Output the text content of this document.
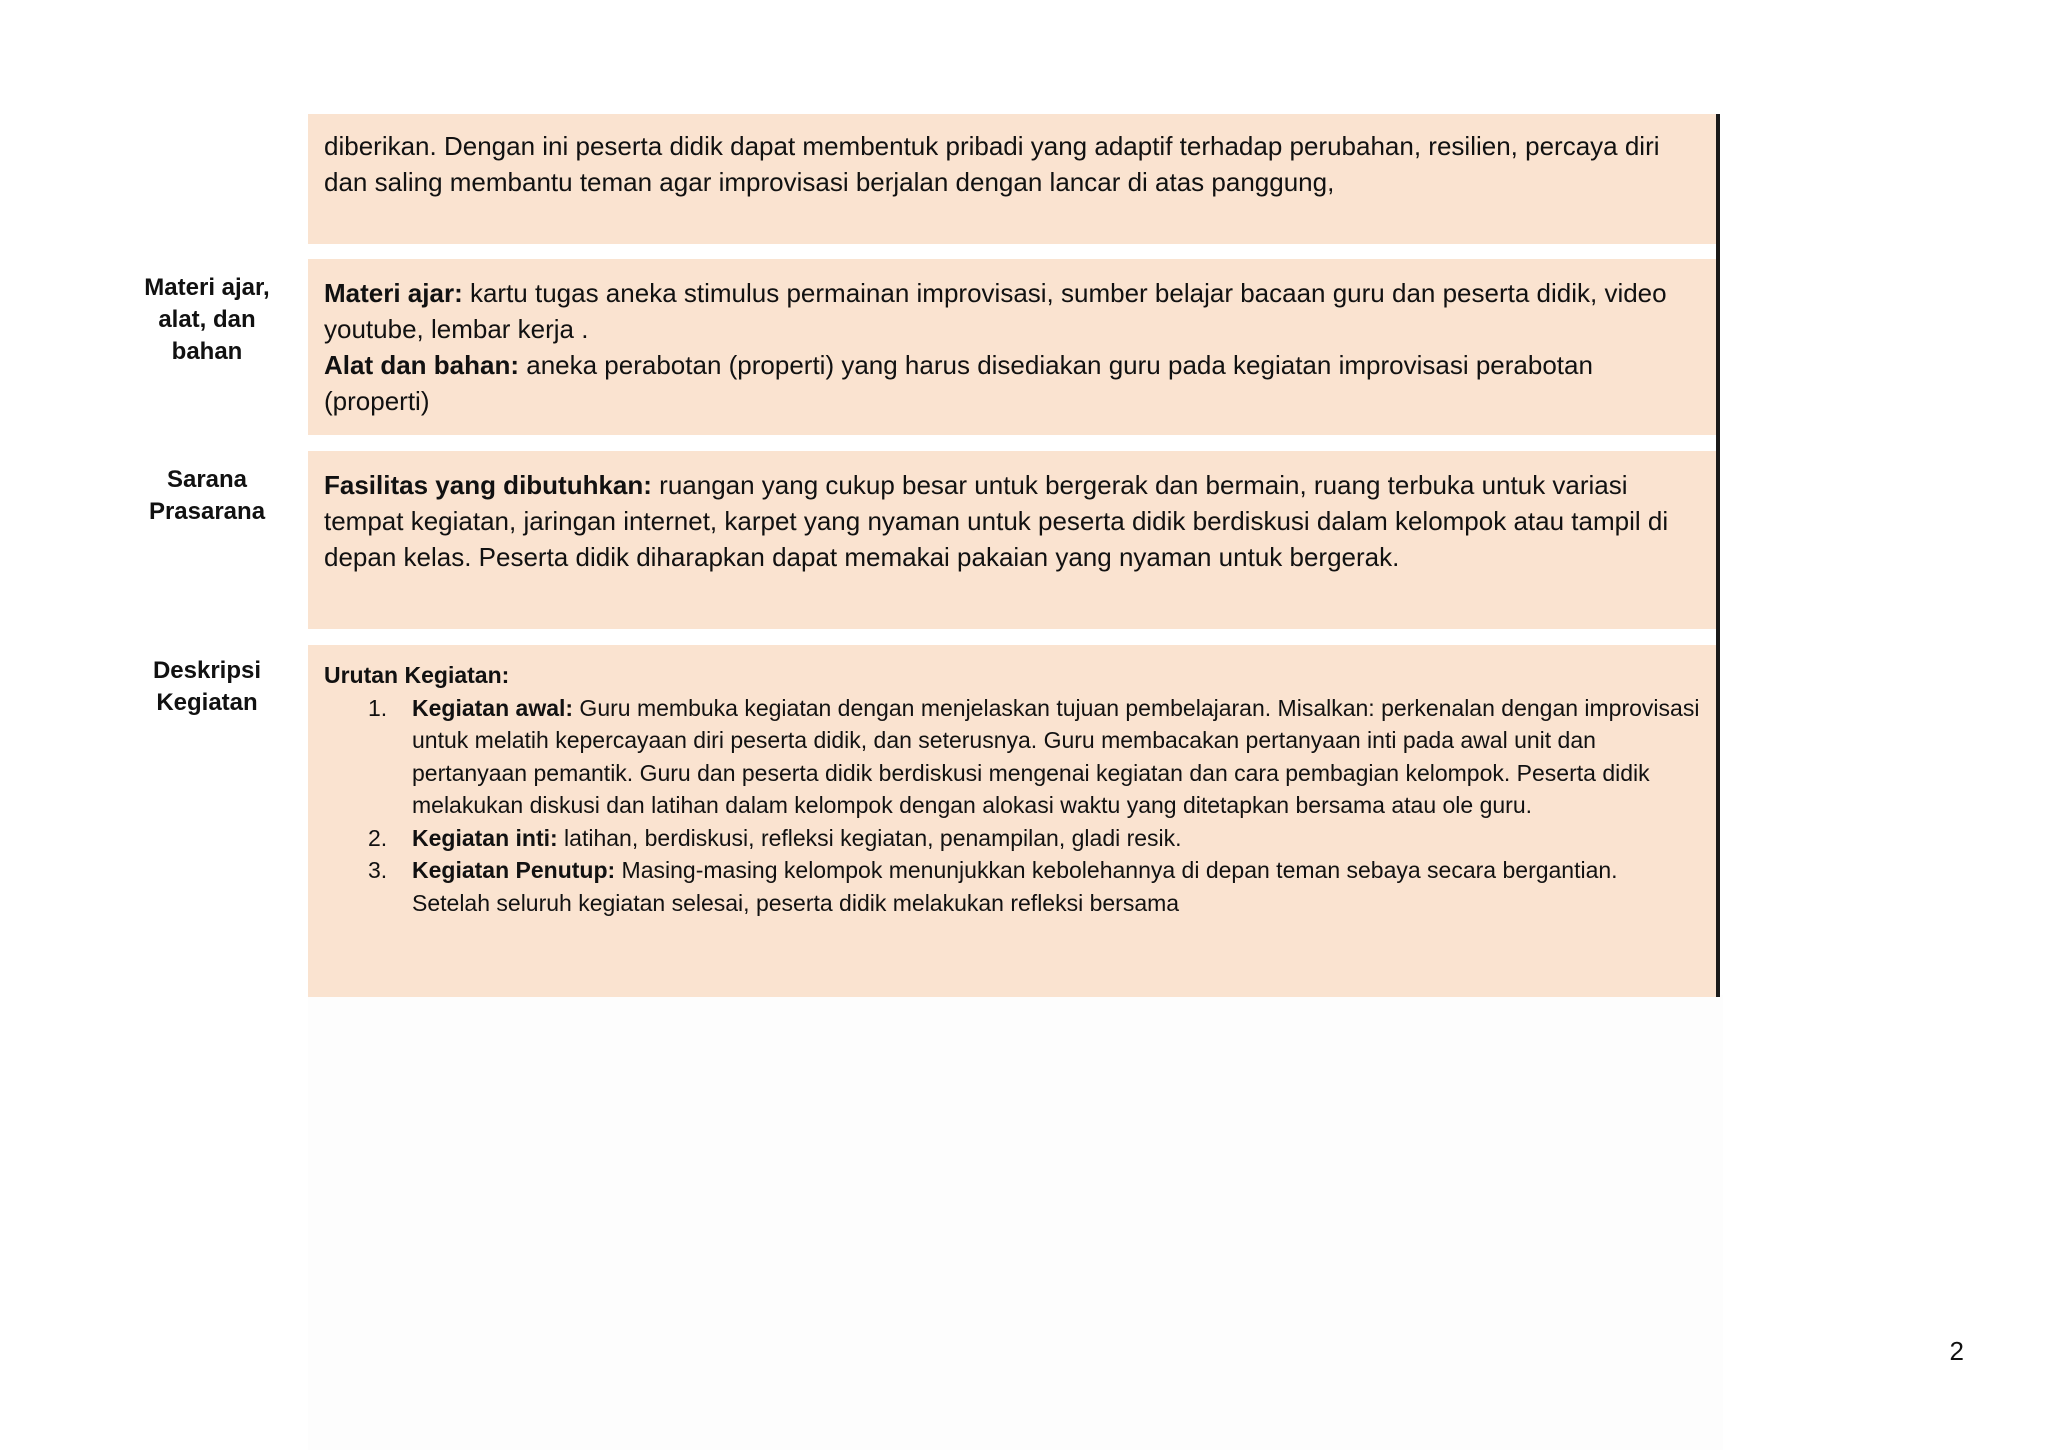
diberikan. Dengan ini peserta didik dapat membentuk pribadi yang adaptif terhadap perubahan, resilien, percaya diri dan saling membantu teman agar improvisasi berjalan dengan lancar di atas panggung,

Materi ajar,
alat, dan
bahan

Materi ajar: kartu tugas aneka stimulus permainan improvisasi, sumber belajar bacaan guru dan peserta didik, video youtube, lembar kerja .

Alat dan bahan: aneka perabotan (properti) yang harus disediakan guru pada kegiatan improvisasi perabotan (properti)

Sarana
Prasarana

Fasilitas yang dibutuhkan: ruangan yang cukup besar untuk bergerak dan bermain, ruang terbuka untuk variasi tempat kegiatan, jaringan internet, karpet yang nyaman untuk peserta didik berdiskusi dalam kelompok atau tampil di depan kelas. Peserta didik diharapkan dapat memakai pakaian yang nyaman untuk bergerak.

Deskripsi
Kegiatan

Urutan Kegiatan:

1. Kegiatan awal: Guru membuka kegiatan dengan menjelaskan tujuan pembelajaran. Misalkan: perkenalan dengan improvisasi untuk melatih kepercayaan diri peserta didik, dan seterusnya. Guru membacakan pertanyaan inti pada awal unit dan pertanyaan pemantik. Guru dan peserta didik berdiskusi mengenai kegiatan dan cara pembagian kelompok. Peserta didik melakukan diskusi dan latihan dalam kelompok dengan alokasi waktu yang ditetapkan bersama atau ole guru.
2. Kegiatan inti: latihan, berdiskusi, refleksi kegiatan, penampilan, gladi resik.
3. Kegiatan Penutup: Masing-masing kelompok menunjukkan kebolehannya di depan teman sebaya secara bergantian. Setelah seluruh kegiatan selesai, peserta didik melakukan refleksi bersama
2
